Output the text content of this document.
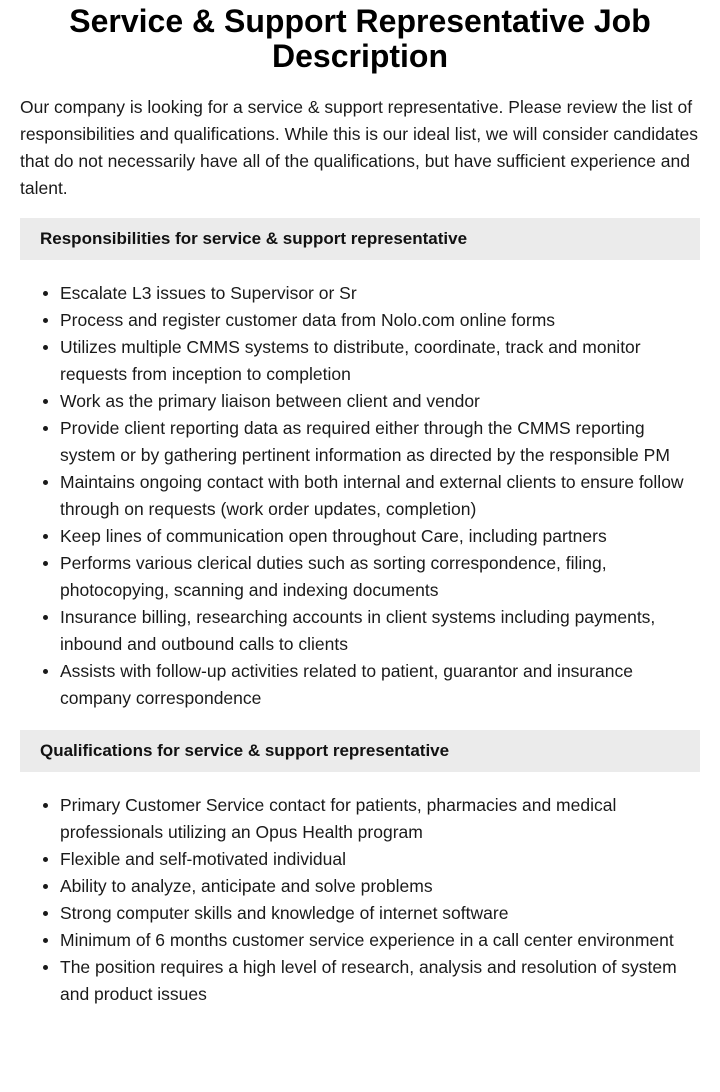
Service & Support Representative Job Description

Our company is looking for a service & support representative. Please review the list of responsibilities and qualifications. While this is our ideal list, we will consider candidates that do not necessarily have all of the qualifications, but have sufficient experience and talent.

Responsibilities for service & support representative
Escalate L3 issues to Supervisor or Sr
Process and register customer data from Nolo.com online forms
Utilizes multiple CMMS systems to distribute, coordinate, track and monitor requests from inception to completion
Work as the primary liaison between client and vendor
Provide client reporting data as required either through the CMMS reporting system or by gathering pertinent information as directed by the responsible PM
Maintains ongoing contact with both internal and external clients to ensure follow through on requests (work order updates, completion)
Keep lines of communication open throughout Care, including partners
Performs various clerical duties such as sorting correspondence, filing, photocopying, scanning and indexing documents
Insurance billing, researching accounts in client systems including payments, inbound and outbound calls to clients
Assists with follow-up activities related to patient, guarantor and insurance company correspondence
Qualifications for service & support representative
Primary Customer Service contact for patients, pharmacies and medical professionals utilizing an Opus Health program
Flexible and self-motivated individual
Ability to analyze, anticipate and solve problems
Strong computer skills and knowledge of internet software
Minimum of 6 months customer service experience in a call center environment
The position requires a high level of research, analysis and resolution of system and product issues
